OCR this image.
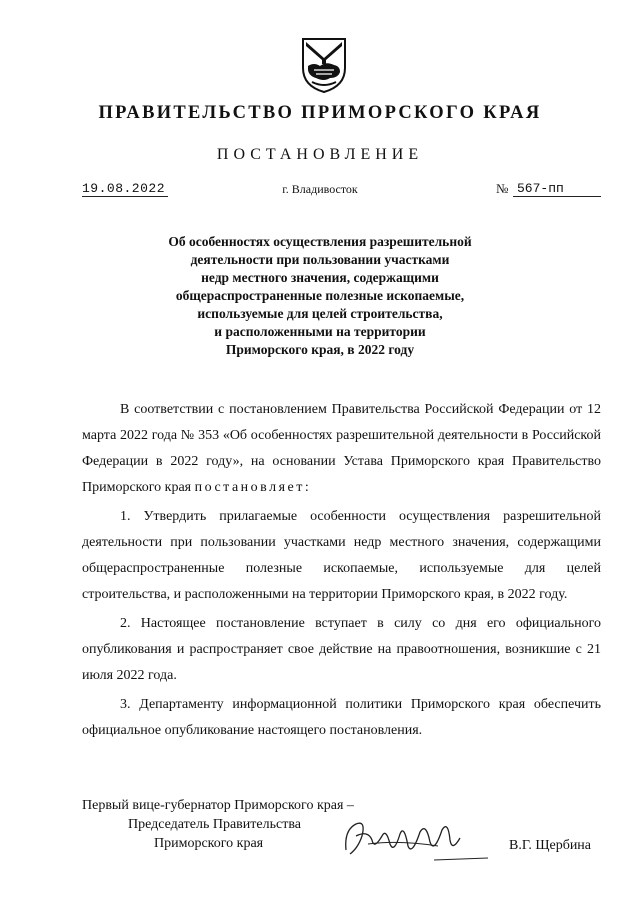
ПРАВИТЕЛЬСТВО ПРИМОРСКОГО КРАЯ
ПОСТАНОВЛЕНИЕ
19.08.2022	г. Владивосток	№ 567-пп
Об особенностях осуществления разрешительной
деятельности при пользовании участками
недр местного значения, содержащими
общераспространенные полезные ископаемые,
используемые для целей строительства,
и расположенными на территории
Приморского края, в 2022 году

В соответствии с постановлением Правительства Российской Федерации от 12 марта 2022 года № 353 «Об особенностях разрешительной деятельности в Российской Федерации в 2022 году», на основании Устава Приморского края Правительство Приморского края постановляет:

1. Утвердить прилагаемые особенности осуществления разрешительной деятельности при пользовании участками недр местного значения, содержащими общераспространенные полезные ископаемые, используемые для целей строительства, и расположенными на территории Приморского края, в 2022 году.

2. Настоящее постановление вступает в силу со дня его официального опубликования и распространяет свое действие на правоотношения, возникшие с 21 июля 2022 года.

3. Департаменту информационной политики Приморского края обеспечить официальное опубликование настоящего постановления.

Первый вице-губернатор Приморского края –
Председатель Правительства
Приморского края	В.Г. Щербина
